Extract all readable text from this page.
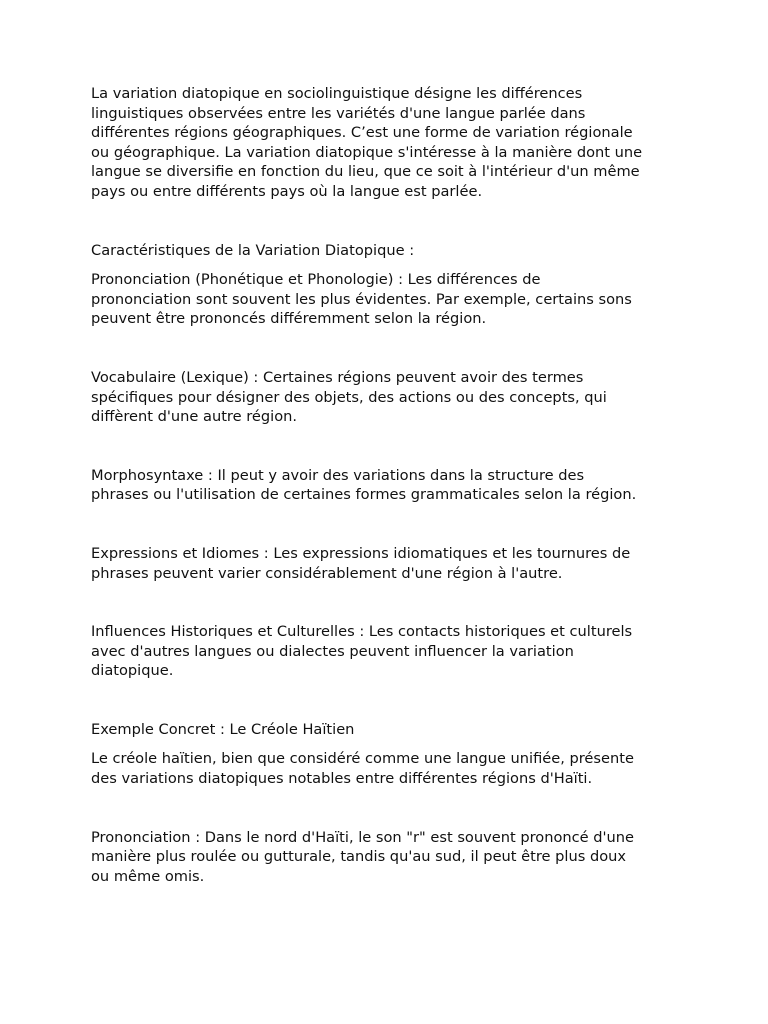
La variation diatopique en sociolinguistique désigne les différences
linguistiques observées entre les variétés d'une langue parlée dans
différentes régions géographiques. C’est une forme de variation régionale
ou géographique. La variation diatopique s'intéresse à la manière dont une
langue se diversifie en fonction du lieu, que ce soit à l'intérieur d'un même
pays ou entre différents pays où la langue est parlée.

Caractéristiques de la Variation Diatopique :

Prononciation (Phonétique et Phonologie) : Les différences de
prononciation sont souvent les plus évidentes. Par exemple, certains sons
peuvent être prononcés différemment selon la région.

Vocabulaire (Lexique) : Certaines régions peuvent avoir des termes
spécifiques pour désigner des objets, des actions ou des concepts, qui
diffèrent d'une autre région.

Morphosyntaxe : Il peut y avoir des variations dans la structure des
phrases ou l'utilisation de certaines formes grammaticales selon la région.

Expressions et Idiomes : Les expressions idiomatiques et les tournures de
phrases peuvent varier considérablement d'une région à l'autre.

Influences Historiques et Culturelles : Les contacts historiques et culturels
avec d'autres langues ou dialectes peuvent influencer la variation
diatopique.

Exemple Concret : Le Créole Haïtien

Le créole haïtien, bien que considéré comme une langue unifiée, présente
des variations diatopiques notables entre différentes régions d'Haïti.

Prononciation : Dans le nord d'Haïti, le son "r" est souvent prononcé d'une
manière plus roulée ou gutturale, tandis qu'au sud, il peut être plus doux
ou même omis.
